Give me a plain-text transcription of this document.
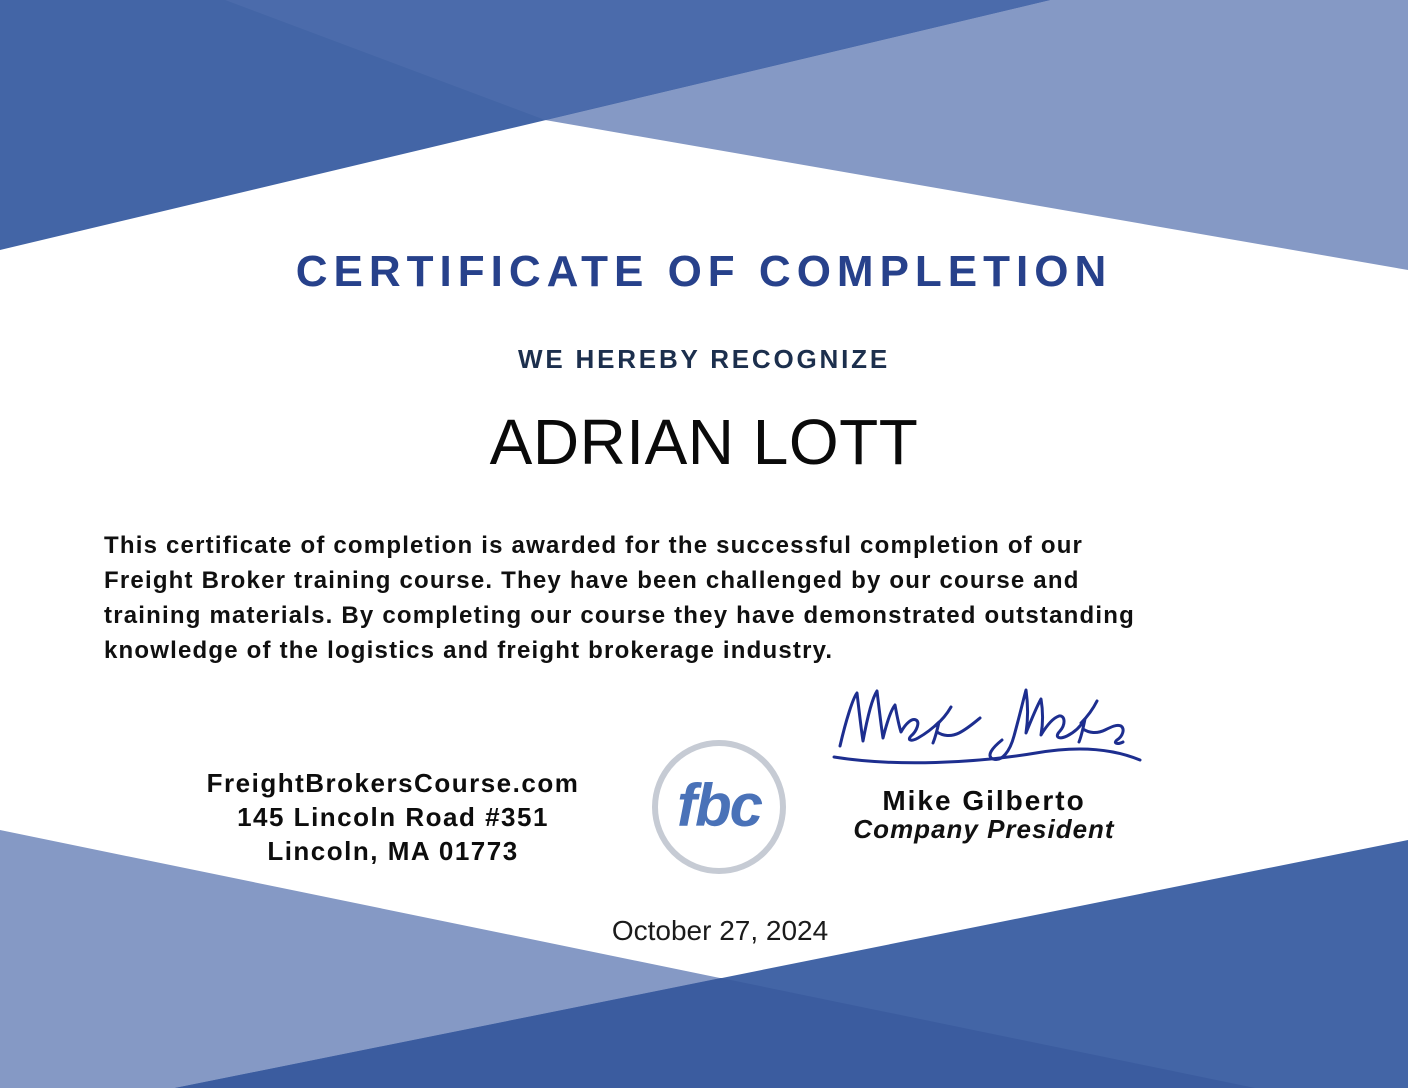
CERTIFICATE OF COMPLETION
WE HEREBY RECOGNIZE
ADRIAN LOTT
This certificate of completion is awarded for the successful completion of our
Freight Broker training course. They have been challenged by our course and
training materials. By completing our course they have demonstrated outstanding
knowledge of the logistics and freight brokerage industry.
FreightBrokersCourse.com
145 Lincoln Road #351
Lincoln, MA 01773
fbc	Mike Gilberto
Company President
October 27, 2024
